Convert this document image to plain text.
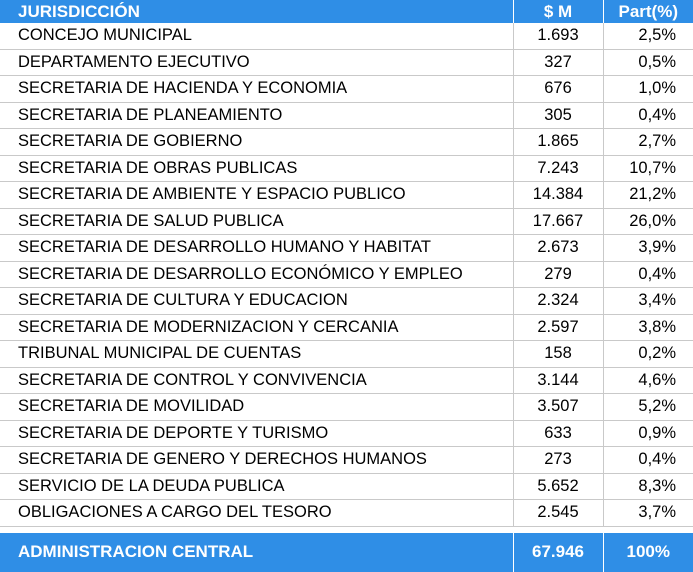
JURISDICCIÓN	$ M	Part(%)
CONCEJO MUNICIPAL	1.693	2,5%
DEPARTAMENTO EJECUTIVO	327	0,5%
SECRETARIA DE HACIENDA Y ECONOMIA	676	1,0%
SECRETARIA DE PLANEAMIENTO	305	0,4%
SECRETARIA DE GOBIERNO	1.865	2,7%
SECRETARIA DE OBRAS PUBLICAS	7.243	10,7%
SECRETARIA DE AMBIENTE Y ESPACIO PUBLICO	14.384	21,2%
SECRETARIA DE SALUD PUBLICA	17.667	26,0%
SECRETARIA DE DESARROLLO HUMANO Y HABITAT	2.673	3,9%
SECRETARIA DE DESARROLLO ECONÓMICO Y EMPLEO	279	0,4%
SECRETARIA DE CULTURA Y EDUCACION	2.324	3,4%
SECRETARIA DE MODERNIZACION Y CERCANIA	2.597	3,8%
TRIBUNAL MUNICIPAL DE CUENTAS	158	0,2%
SECRETARIA DE CONTROL Y CONVIVENCIA	3.144	4,6%
SECRETARIA DE MOVILIDAD	3.507	5,2%
SECRETARIA DE DEPORTE Y TURISMO	633	0,9%
SECRETARIA DE GENERO Y DERECHOS HUMANOS	273	0,4%
SERVICIO DE LA DEUDA PUBLICA	5.652	8,3%
OBLIGACIONES A CARGO DEL TESORO	2.545	3,7%

ADMINISTRACION CENTRAL	67.946	100%
